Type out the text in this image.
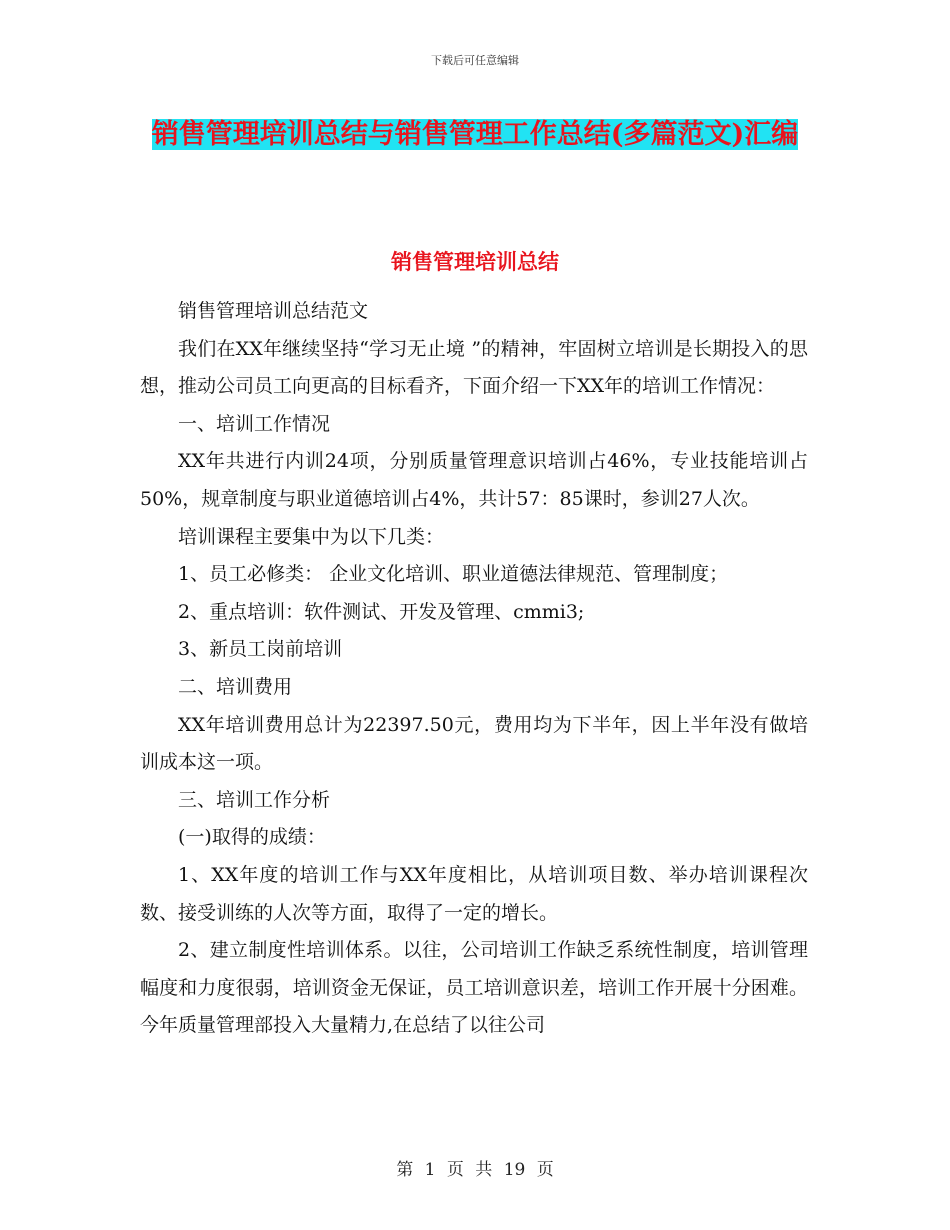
下载后可任意编辑
销售管理培训总结与销售管理工作总结(多篇范文)汇编
销售管理培训总结

销售管理培训总结范文

我们在XX年继续坚持“学习无止境 ”的精神，牢固树立培训是长期投入的思想，推动公司员工向更高的目标看齐，下面介绍一下XX年的培训工作情况：

一、培训工作情况

XX年共进行内训24项，分别质量管理意识培训占46%，专业技能培训占50%，规章制度与职业道德培训占4%，共计57：85课时，参训27人次。

培训课程主要集中为以下几类：

1、员工必修类： 企业文化培训、职业道德法律规范、管理制度；

2、重点培训：软件测试、开发及管理、cmmi3;

3、新员工岗前培训

二、培训费用

XX年培训费用总计为22397.50元，费用均为下半年，因上半年没有做培训成本这一项。

三、培训工作分析

(一)取得的成绩：

1、XX年度的培训工作与XX年度相比，从培训项目数、举办培训课程次数、接受训练的人次等方面，取得了一定的增长。

2、建立制度性培训体系。以往，公司培训工作缺乏系统性制度，培训管理幅度和力度很弱，培训资金无保证，员工培训意识差，培训工作开展十分困难。今年质量管理部投入大量精力,在总结了以往公司

第 1 页 共 19 页
